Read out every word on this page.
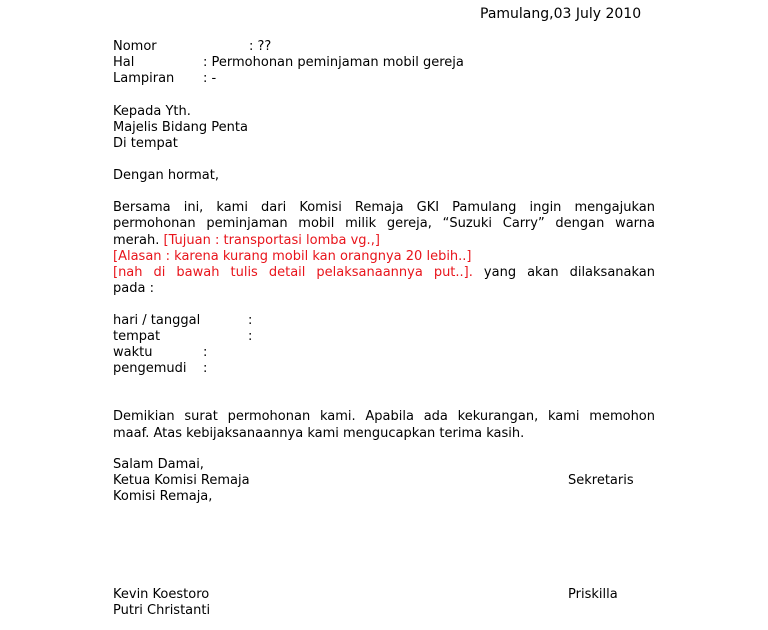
Pamulang,03 July 2010
Nomor	: ??
Hal	: Permohonan peminjaman mobil gereja
Lampiran : -
Kepada Yth.
Majelis Bidang Penta
Di tempat
Dengan hormat,
Bersama ini, kami dari Komisi Remaja GKI Pamulang ingin mengajukan
permohonan peminjaman mobil milik gereja, “Suzuki Carry” dengan warna
merah. [Tujuan : transportasi lomba vg.,]
[Alasan : karena kurang mobil kan orangnya 20 lebih..]
[nah di bawah tulis detail pelaksanaannya put..]. yang akan dilaksanakan
pada :
hari / tanggal	:
tempat	:
waktu	:
pengemudi :
Demikian surat permohonan kami. Apabila ada kekurangan, kami memohon
maaf. Atas kebijaksanaannya kami mengucapkan terima kasih.
Salam Damai,
Ketua Komisi Remaja	Sekretaris
Komisi Remaja,
Kevin Koestoro	Priskilla
Putri Christanti
